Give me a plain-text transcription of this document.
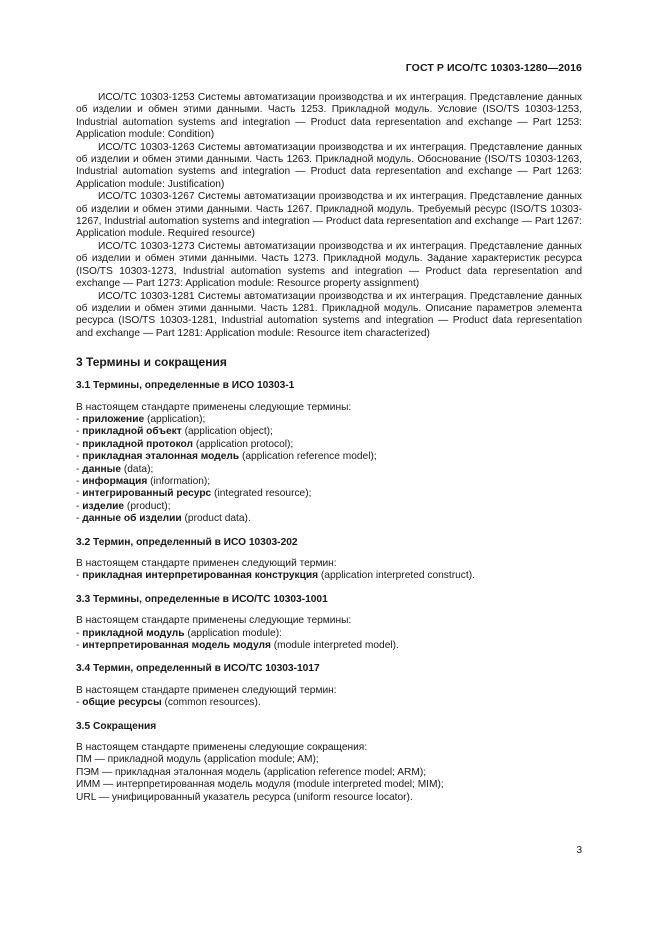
ГОСТ Р ИСО/ТС 10303-1280—2016

ИСО/ТС 10303-1253 Системы автоматизации производства и их интеграция. Представление данных об изделии и обмен этими данными. Часть 1253. Прикладной модуль. Условие (ISO/TS 10303-1253, Industrial automation systems and integration — Product data representation and exchange — Part 1253: Application module: Condition)

ИСО/ТС 10303-1263 Системы автоматизации производства и их интеграция. Представление данных об изделии и обмен этими данными. Часть 1263. Прикладной модуль. Обоснование (ISO/TS 10303-1263, Industrial automation systems and integration — Product data representation and exchange — Part 1263: Application module: Justification)

ИСО/ТС 10303-1267 Системы автоматизации производства и их интеграция. Представление данных об изделии и обмен этими данными. Часть 1267. Прикладной модуль. Требуемый ресурс (ISO/TS 10303-1267, Industrial automation systems and integration — Product data representation and exchange — Part 1267: Application module. Required resource)

ИСО/ТС 10303-1273 Системы автоматизации производства и их интеграция. Представление данных об изделии и обмен этими данными. Часть 1273. Прикладной модуль. Задание характеристик ресурса (ISO/TS 10303-1273, Industrial automation systems and integration — Product data representation and exchange — Part 1273: Application module: Resource property assignment)

ИСО/ТС 10303-1281 Системы автоматизации производства и их интеграция. Представление данных об изделии и обмен этими данными. Часть 1281. Прикладной модуль. Описание параметров элемента ресурса (ISO/TS 10303-1281, Industrial automation systems and integration — Product data representation and exchange — Part 1281: Application module: Resource item characterized)

3 Термины и сокращения
3.1 Термины, определенные в ИСО 10303-1

В настоящем стандарте применены следующие термины:

- приложение (application);
- прикладной объект (application object);
- прикладной протокол (application protocol);
- прикладная эталонная модель (application reference model);
- данные (data);
- информация (information);
- интегрированный ресурс (integrated resource);
- изделие (product);
- данные об изделии (product data).
3.2 Термин, определенный в ИСО 10303-202

В настоящем стандарте применен следующий термин:

- прикладная интерпретированная конструкция (application interpreted construct).
3.3 Термины, определенные в ИСО/ТС 10303-1001

В настоящем стандарте применены следующие термины:

- прикладной модуль (application module):
- интерпретированная модель модуля (module interpreted model).
3.4 Термин, определенный в ИСО/ТС 10303-1017

В настоящем стандарте применен следующий термин:

- общие ресурсы (common resources).
3.5 Сокращения

В настоящем стандарте применены следующие сокращения:

ПМ — прикладной модуль (application module; AM);
ПЭМ — прикладная эталонная модель (application reference model; ARM);
ИММ — интерпретированная модель модуля (module interpreted model; MIM);
URL — унифицированный указатель ресурса (uniform resource locator).
3
